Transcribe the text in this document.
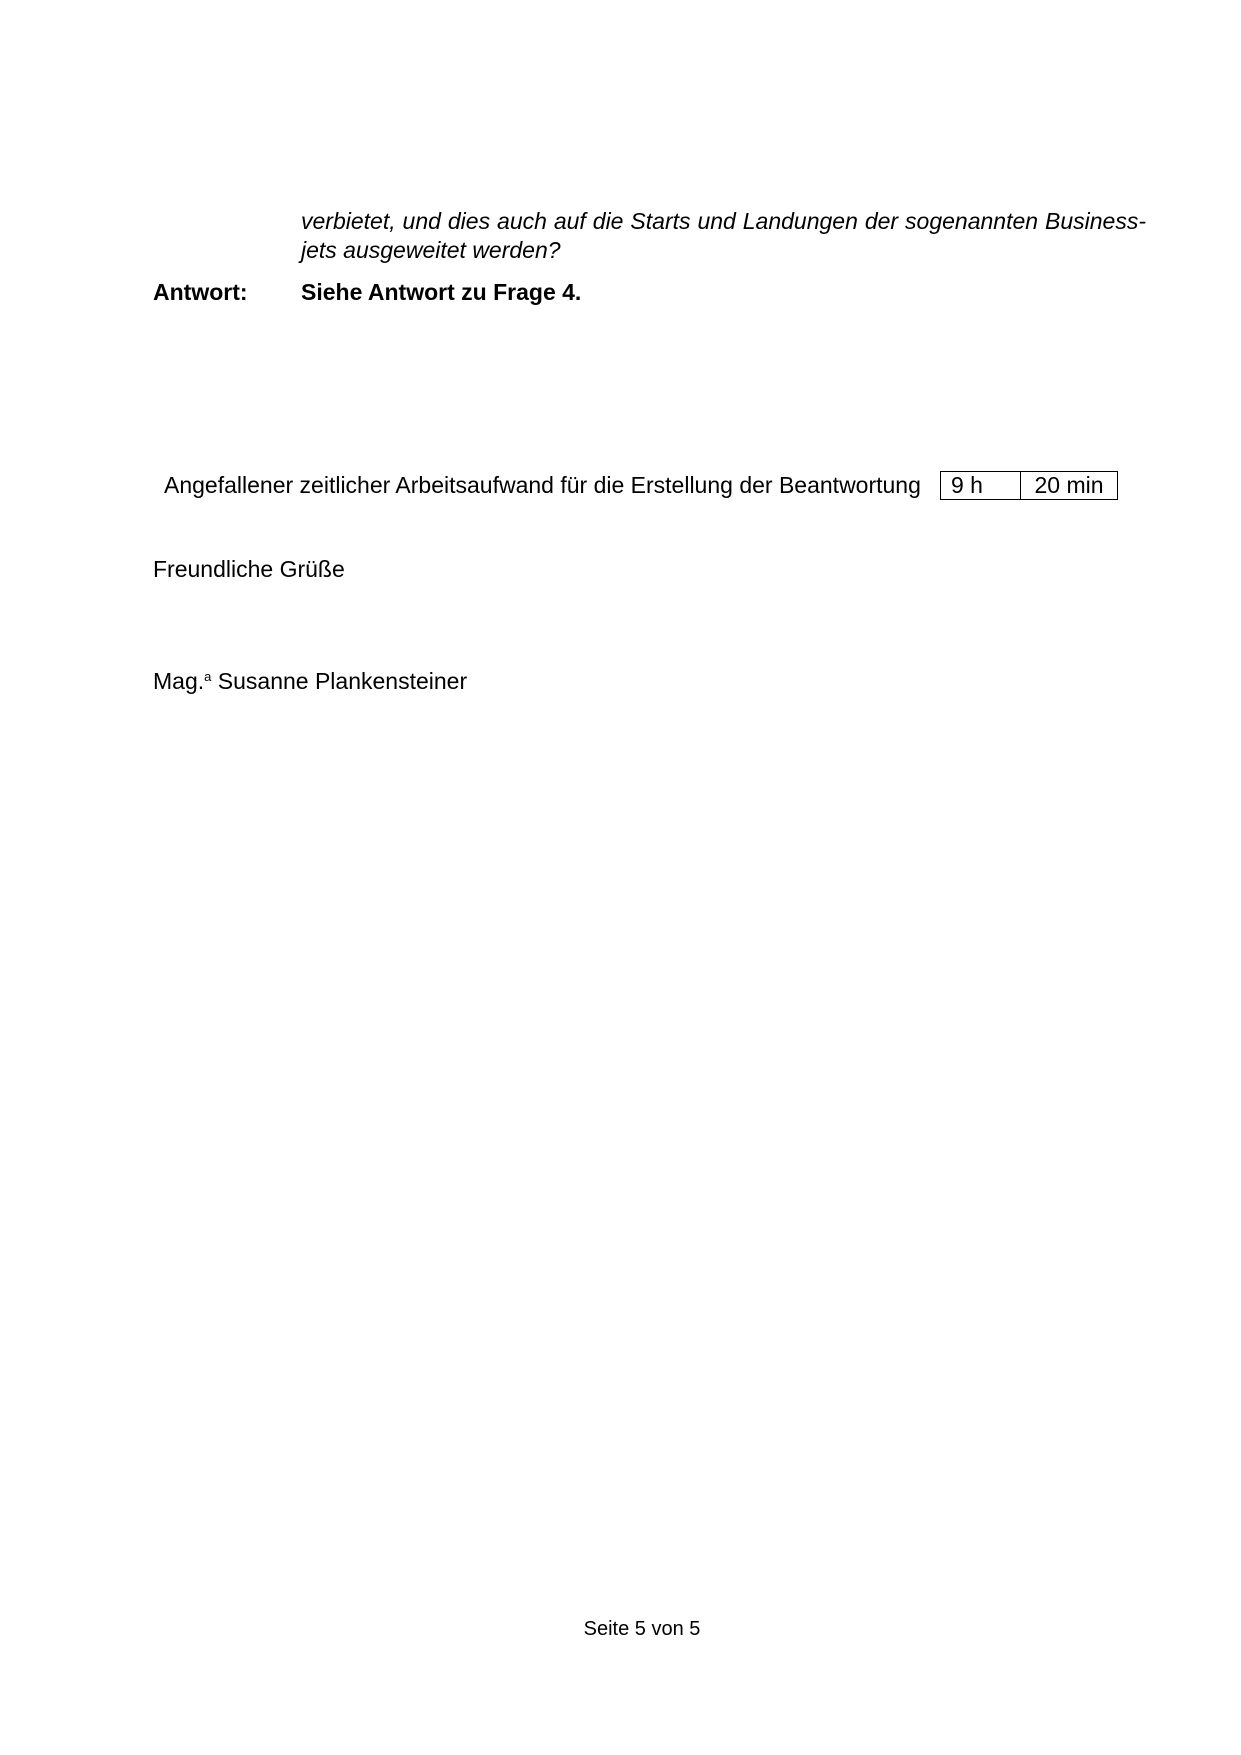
verbietet, und dies auch auf die Starts und Landungen der sogenannten Business-jets ausgeweitet werden?
Antwort: Siehe Antwort zu Frage 4.
Angefallener zeitlicher Arbeitsaufwand für die Erstellung der Beantwortung	9 h	20 min
Freundliche Grüße
Mag.$^a$ Susanne Plankensteiner
Seite 5 von 5
